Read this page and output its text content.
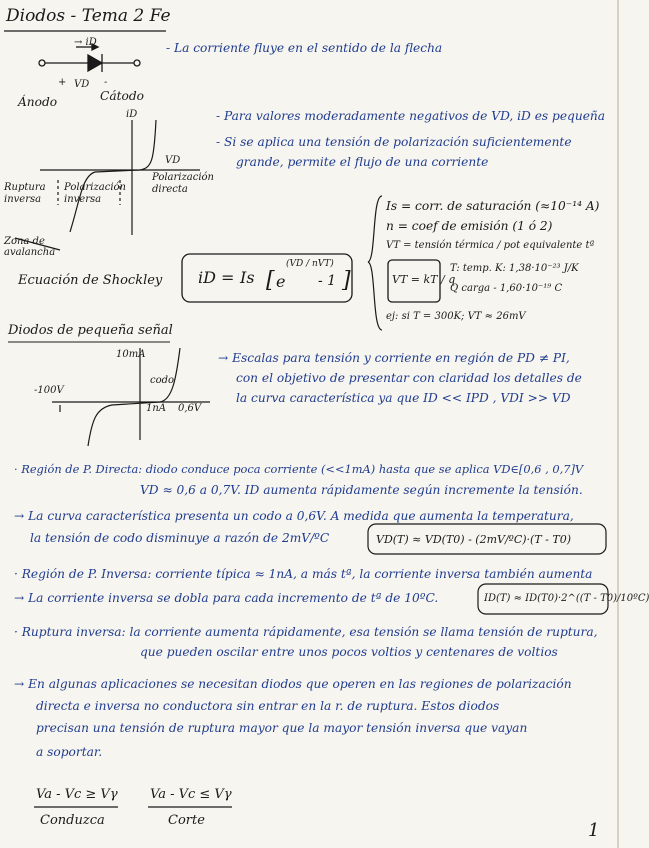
Diodos - Tema 2 Fe
→ iD
+ VD -
Ánodo	Cátodo
- La corriente fluye en el sentido de la flecha
iD
VD
Ruptura
inversa
Polarización
inversa
Polarización
directa
Zona de
avalancha
- Para valores moderadamente negativos de VD, iD es pequeña
- Si se aplica una tensión de polarización suficientemente
grande, permite el flujo de una corriente
Ecuación de Shockley iD = Is [ e
(VD / nVT)
- 1 ]
Is = corr. de saturación (≈10⁻¹⁴ A)
n = coef de emisión (1 ó 2)
VT = tensión térmica / pot equivalente tª
VT = kT / q
T: temp. K: 1,38·10⁻²³ J/K
Q carga - 1,60·10⁻¹⁹ C
ej: si T = 300K; VT ≈ 26mV
Diodos de pequeña señal
10mA
codo
-100V
1nA 0,6V
→ Escalas para tensión y corriente en región de PD ≠ PI,
con el objetivo de presentar con claridad los detalles de
la curva característica ya que ID << IPD , VDI >> VD
· Región de P. Directa: diodo conduce poca corriente (<<1mA) hasta que se aplica VD∈[0,6 , 0,7]V
VD ≈ 0,6 a 0,7V. ID aumenta rápidamente según incremente la tensión.
→ La curva característica presenta un codo a 0,6V. A medida que aumenta la temperatura,
la tensión de codo disminuye a razón de 2mV/ºC	VD(T) ≈ VD(T0) - (2mV/ºC)·(T - T0)
· Región de P. Inversa: corriente típica ≈ 1nA, a más tª, la corriente inversa también aumenta
→ La corriente inversa se dobla para cada incremento de tª de 10ºC.	ID(T) ≈ ID(T0)·2^((T - T0)/10ºC)
· Ruptura inversa: la corriente aumenta rápidamente, esa tensión se llama tensión de ruptura,
que pueden oscilar entre unos pocos voltios y centenares de voltios
→ En algunas aplicaciones se necesitan diodos que operen en las regiones de polarización
directa e inversa no conductora sin entrar en la r. de ruptura. Estos diodos
precisan una tensión de ruptura mayor que la mayor tensión inversa que vayan
a soportar.
Va - Vc ≥ Vγ
Conduzca
Va - Vc ≤ Vγ
Corte	1
